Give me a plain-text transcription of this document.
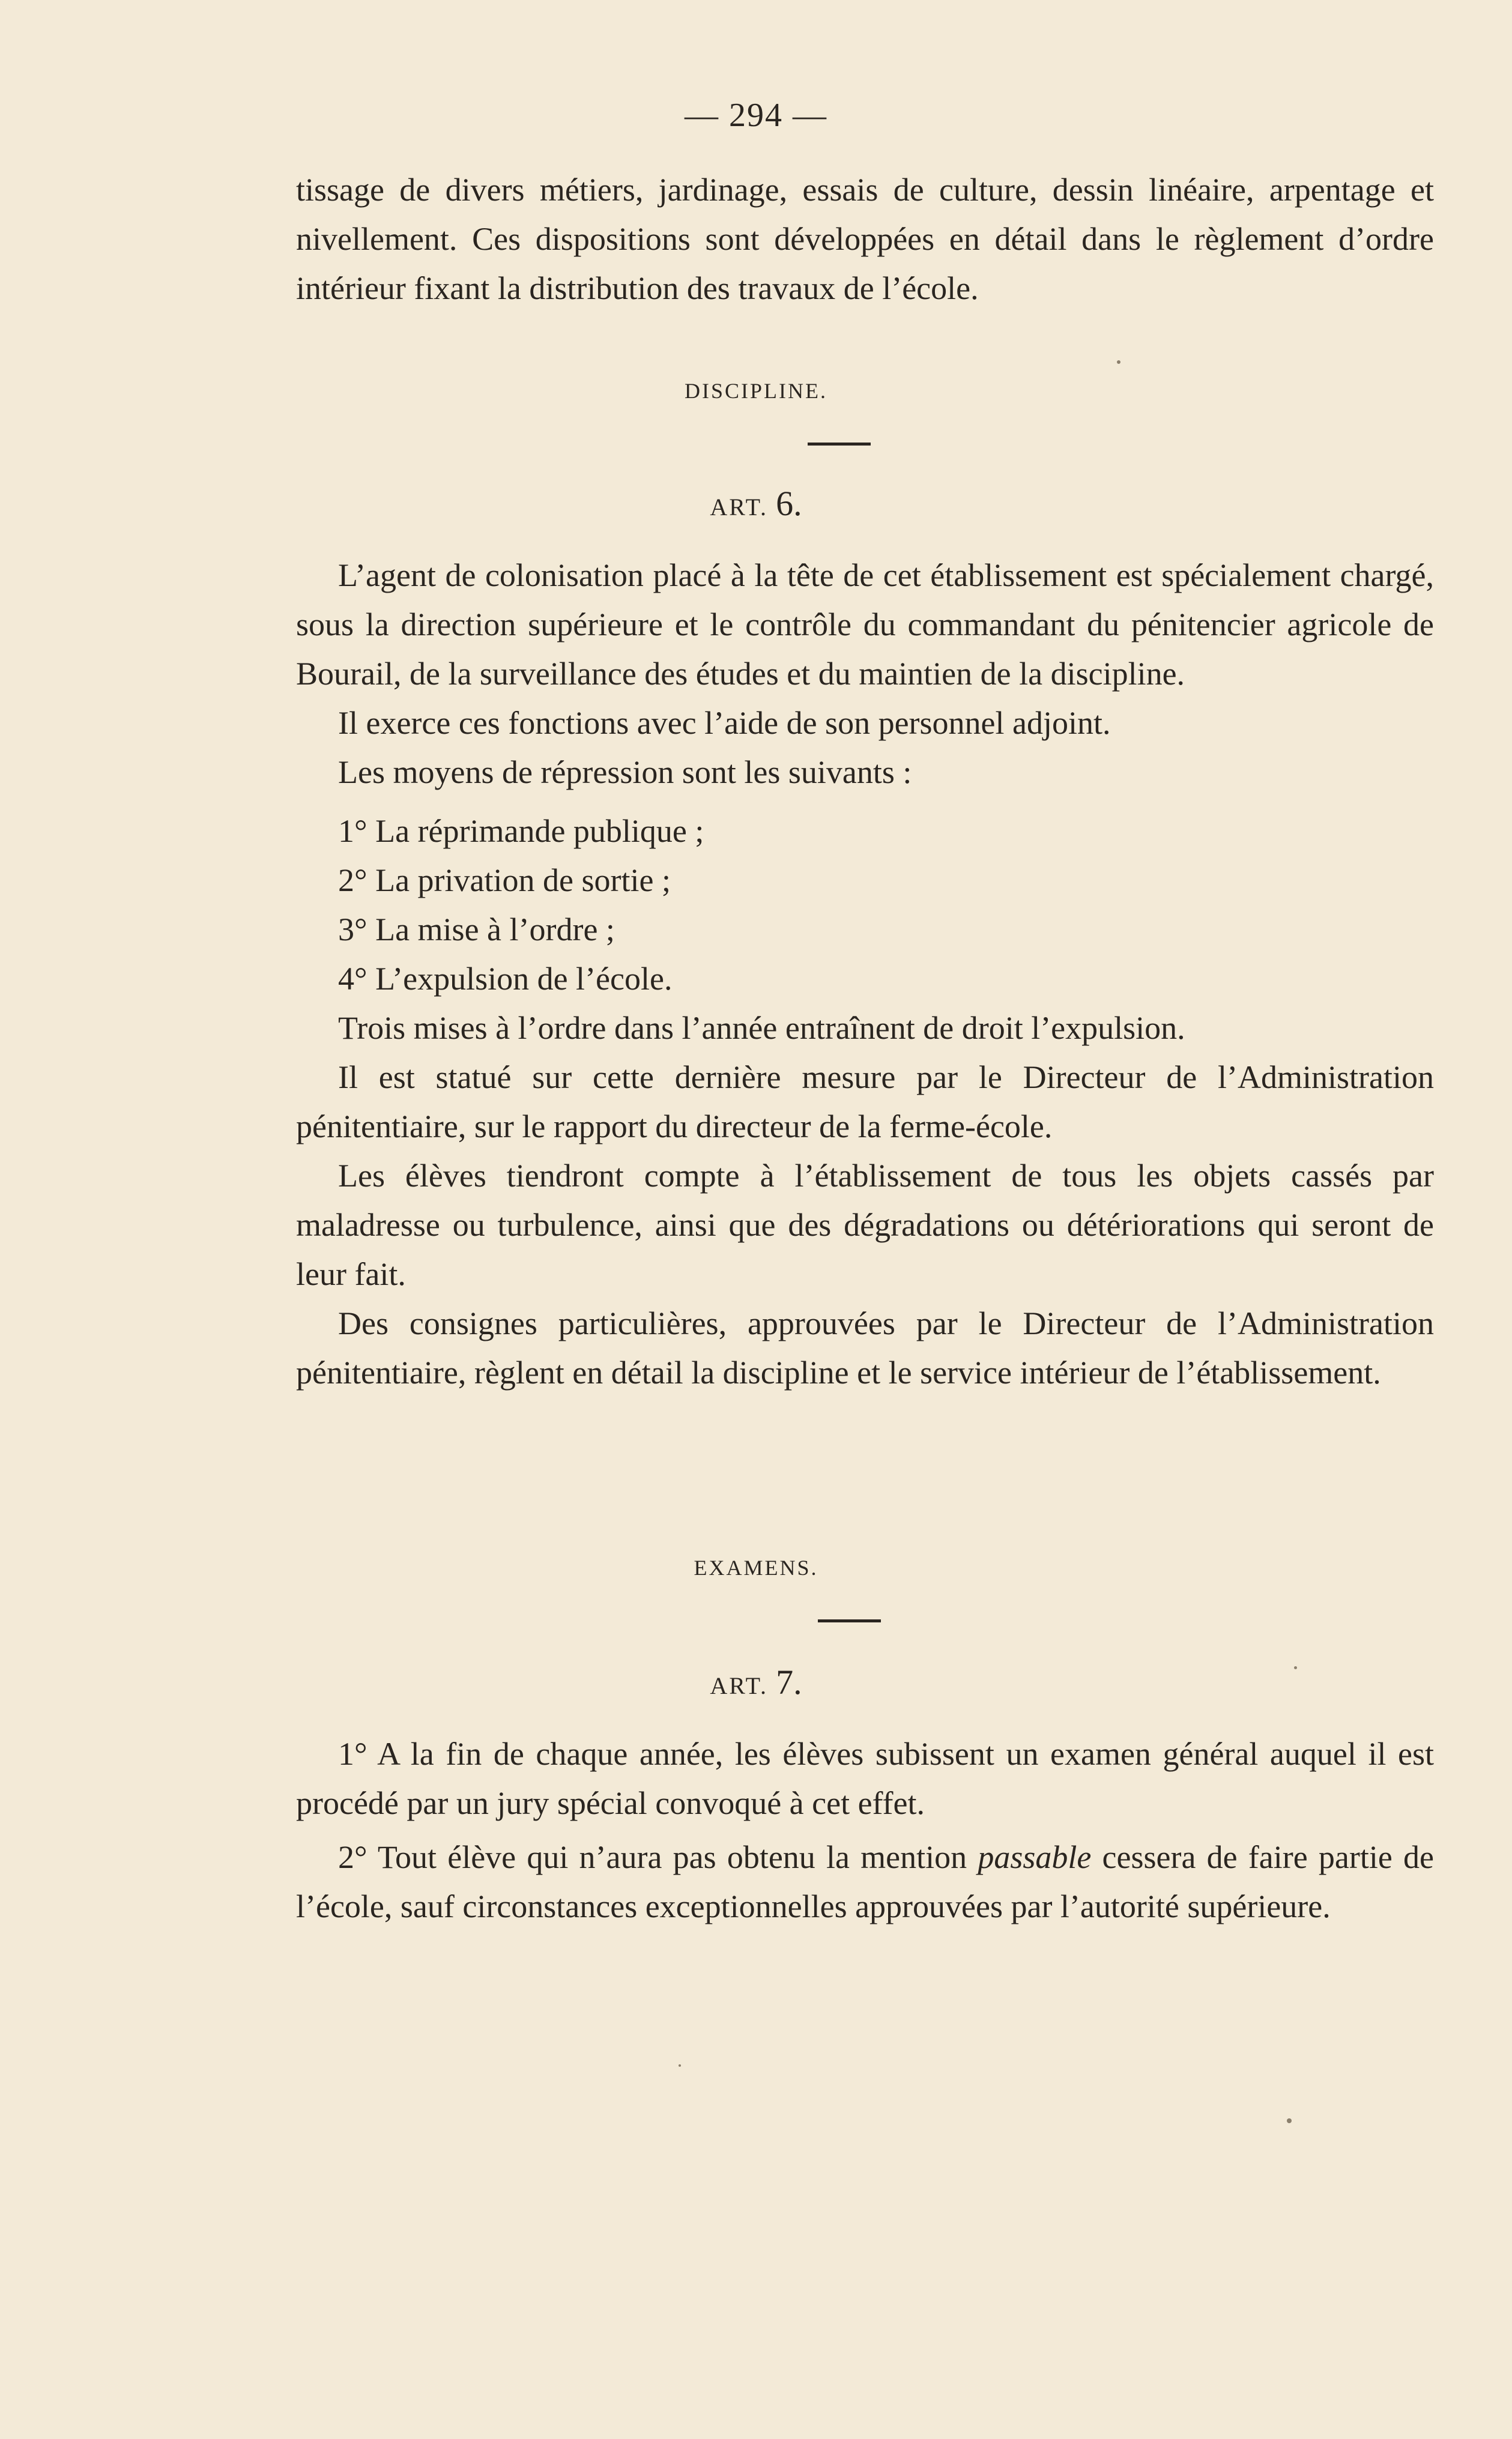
— 294 —

tissage de divers métiers, jardinage, essais de culture, dessin linéaire, arpentage et nivellement. Ces dispositions sont développées en détail dans le règlement d’ordre intérieur fixant la distribution des travaux de l’école.

DISCIPLINE.
ART. 6.

L’agent de colonisation placé à la tête de cet établissement est spécialement chargé, sous la direction supérieure et le contrôle du commandant du pénitencier agricole de Bourail, de la surveillance des études et du maintien de la discipline.

Il exerce ces fonctions avec l’aide de son personnel adjoint.

Les moyens de répression sont les suivants :

1° La réprimande publique ;

2° La privation de sortie ;

3° La mise à l’ordre ;

4° L’expulsion de l’école.

Trois mises à l’ordre dans l’année entraînent de droit l’expulsion.

Il est statué sur cette dernière mesure par le Directeur de l’Administration pénitentiaire, sur le rapport du directeur de la ferme-école.

Les élèves tiendront compte à l’établissement de tous les objets cassés par maladresse ou turbulence, ainsi que des dégradations ou détériorations qui seront de leur fait.

Des consignes particulières, approuvées par le Directeur de l’Administration pénitentiaire, règlent en détail la discipline et le service intérieur de l’établissement.

EXAMENS.
ART. 7.

1° A la fin de chaque année, les élèves subissent un examen général auquel il est procédé par un jury spécial convoqué à cet effet.

2° Tout élève qui n’aura pas obtenu la mention passable cessera de faire partie de l’école, sauf circonstances exceptionnelles approuvées par l’autorité supérieure.
